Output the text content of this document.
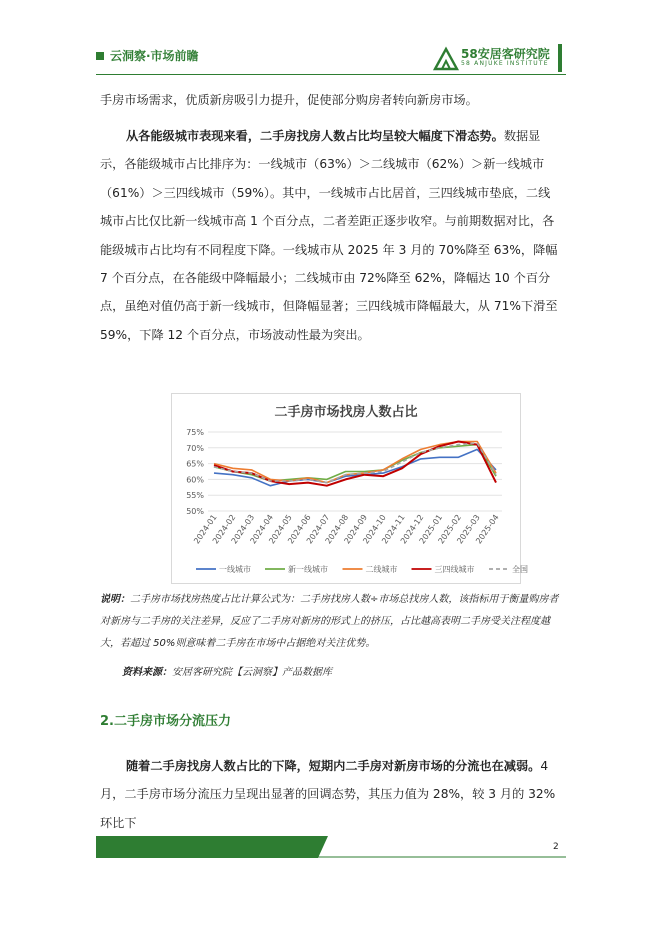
云洞察·市场前瞻	58安居客研究院
58 ANJUKE INSTITUTE
手房市场需求，优质新房吸引力提升，促使部分购房者转向新房市场。
从各能级城市表现来看，二手房找房人数占比均呈较大幅度下滑态势。数据显示，各能级城市占比排序为：一线城市（63%）＞二线城市（62%）＞新一线城市（61%）＞三四线城市（59%）。其中，一线城市占比居首，三四线城市垫底，二线城市占比仅比新一线城市高 1 个百分点，二者差距正逐步收窄。与前期数据对比，各能级城市占比均有不同程度下降。一线城市从 2025 年 3 月的 70%降至 63%，降幅 7 个百分点，在各能级中降幅最小；二线城市由 72%降至 62%，降幅达 10 个百分点，虽绝对值仍高于新一线城市，但降幅显著；三四线城市降幅最大，从 71%下滑至 59%，下降 12 个百分点，市场波动性最为突出。
二手房市场找房人数占比
50%
55%
60%
65%
70%
75%
2024-01
2024-02
2024-03
2024-04
2024-05
2024-06
2024-07
2024-08
2024-09
2024-10
2024-11
2024-12
2025-01
2025-02
2025-03
2025-04
一线城市	新一线城市	二线城市	三四线城市	全国
说明：二手房市场找房热度占比计算公式为：二手房找房人数÷市场总找房人数，该指标用于衡量购房者对新房与二手房的关注差异，反应了二手房对新房的形式上的挤压，占比越高表明二手房受关注程度越大，若超过 50%则意味着二手房在市场中占据绝对关注优势。
资料来源：安居客研究院【云洞察】产品数据库
2.二手房市场分流压力
随着二手房找房人数占比的下降，短期内二手房对新房市场的分流也在减弱。4月，二手房市场分流压力呈现出显著的回调态势，其压力值为 28%，较 3 月的 32%环比下
2
